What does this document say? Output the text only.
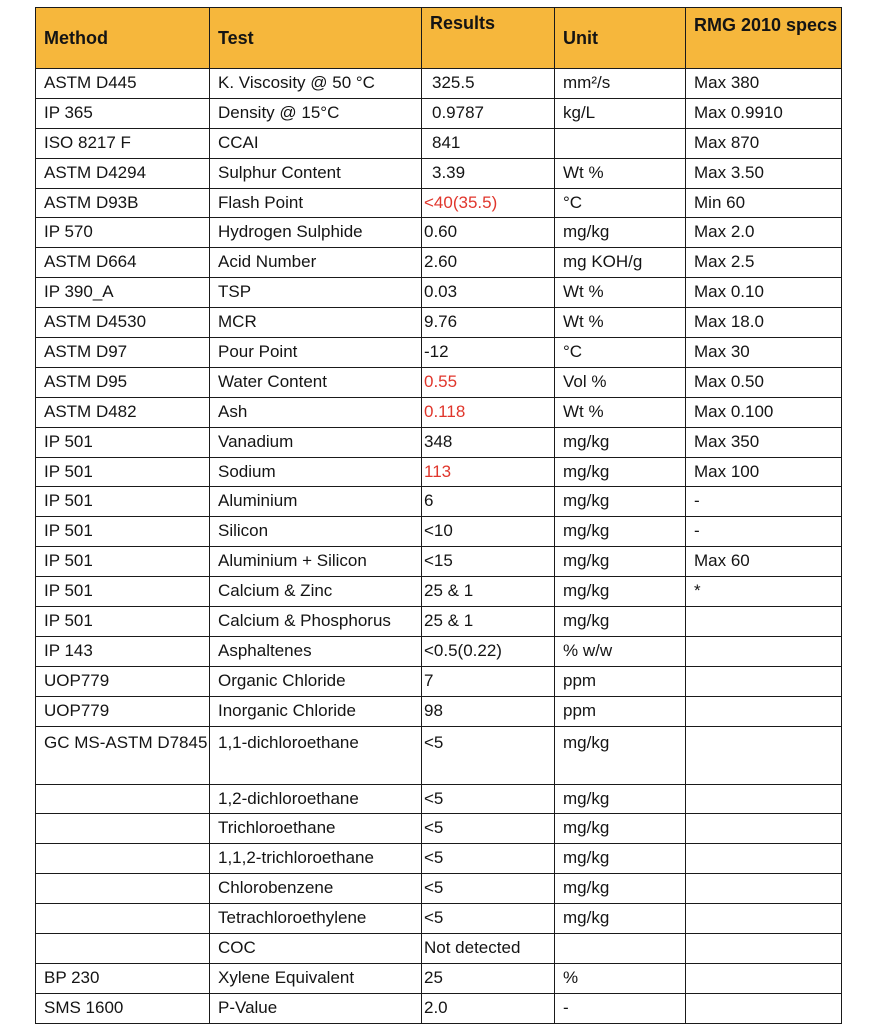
Method	Test	Results	Unit	RMG 2010 specs
ASTM D445	K. Viscosity @ 50 °C	325.5	mm²/s	Max 380
IP 365	Density @ 15°C	0.9787	kg/L	Max 0.9910
ISO 8217 F	CCAI	841		Max 870
ASTM D4294	Sulphur Content	3.39	Wt %	Max 3.50
ASTM D93B	Flash Point	<40(35.5)	°C	Min 60
IP 570	Hydrogen Sulphide	0.60	mg/kg	Max 2.0
ASTM D664	Acid Number	2.60	mg KOH/g	Max 2.5
IP 390_A	TSP	0.03	Wt %	Max 0.10
ASTM D4530	MCR	9.76	Wt %	Max 18.0
ASTM D97	Pour Point	-12	°C	Max 30
ASTM D95	Water Content	0.55	Vol %	Max 0.50
ASTM D482	Ash	0.118	Wt %	Max 0.100
IP 501	Vanadium	348	mg/kg	Max 350
IP 501	Sodium	113	mg/kg	Max 100
IP 501	Aluminium	6	mg/kg	-
IP 501	Silicon	<10	mg/kg	-
IP 501	Aluminium + Silicon	<15	mg/kg	Max 60
IP 501	Calcium & Zinc	25 & 1	mg/kg	*
IP 501	Calcium & Phosphorus	25 & 1	mg/kg	
IP 143	Asphaltenes	<0.5(0.22)	% w/w	
UOP779	Organic Chloride	7	ppm	
UOP779	Inorganic Chloride	98	ppm	
GC MS-ASTM D7845	1,1-dichloroethane	<5	mg/kg	
	1,2-dichloroethane	<5	mg/kg	
	Trichloroethane	<5	mg/kg	
	1,1,2-trichloroethane	<5	mg/kg	
	Chlorobenzene	<5	mg/kg	
	Tetrachloroethylene	<5	mg/kg	
	COC	Not detected		
BP 230	Xylene Equivalent	25	%	
SMS 1600	P-Value	2.0	-	
